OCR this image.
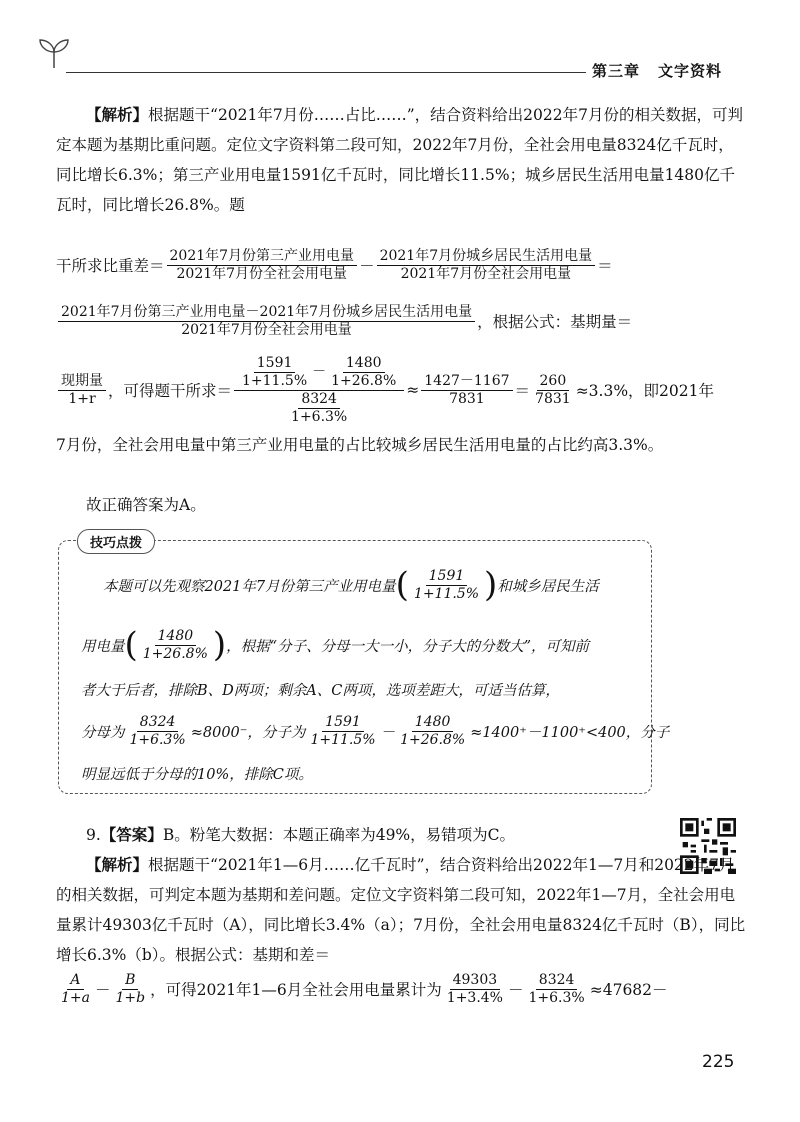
第三章 文字资料
【解析】根据题干“2021年7月份……占比……”，结合资料给出2022年7月份的相关数据，可判定本题为基期比重问题。定位文字资料第二段可知，2022年7月份，全社会用电量8324亿千瓦时，同比增长6.3%；第三产业用电量1591亿千瓦时，同比增长11.5%；城乡居民生活用电量1480亿千瓦时，同比增长26.8%。题
干所求比重差＝ $\frac{\text{2021年7月份第三产业用电量}}{\text{2021年7月份全社会用电量}} - \frac{\text{2021年7月份城乡居民生活用电量}}{\text{2021年7月份全社会用电量}}$ ＝
$\frac{\text{2021年7月份第三产业用电量－2021年7月份城乡居民生活用电量}}{\text{2021年7月份全社会用电量}}$ ，根据公式：基期量＝
$\frac{\text{现期量}}{1+r}$ ，可得题干所求＝
$\frac{1591}{1+11.5\%} - \frac{1480}{1+26.8\%}$
$\frac{8324}{1+6.3\%}$
≈ $\frac{1427-1167}{7831} = \frac{260}{7831} \approx 3.3\%$，即2021年
7月份，全社会用电量中第三产业用电量的占比较城乡居民生活用电量的占比约高3.3%。
故正确答案为A。
技巧点拨
本题可以先观察2021年7月份第三产业用电量 ( $\frac{1591}{1+11.5\%}$ ) 和城乡居民生活
用电量 ( $\frac{1480}{1+26.8\%}$ ) ，根据“分子、分母一大一小，分子大的分数大”，可知前
者大于后者，排除B、D两项；剩余A、C两项，选项差距大，可适当估算，
分母为 $\frac{8324}{1+6.3\%} \approx 8000^-$，分子为 $\frac{1591}{1+11.5\%} - \frac{1480}{1+26.8\%} \approx 1400^+-1100^+<400$，分子
明显远低于分母的10%，排除C项。
9.【答案】B。粉笔大数据：本题正确率为49%，易错项为C。
【解析】根据题干“2021年1—6月……亿千瓦时”，结合资料给出2022年1—7月和2022年7月的相关数据，可判定本题为基期和差问题。定位文字资料第二段可知，2022年1—7月，全社会用电量累计49303亿千瓦时（A），同比增长3.4%（a）；7月份，全社会用电量8324亿千瓦时（B），同比增长6.3%（b）。根据公式：基期和差＝
$\frac{A}{1+a} - \frac{B}{1+b}$ ，可得2021年1—6月全社会用电量累计为 $\frac{49303}{1+3.4\%} - \frac{8324}{1+6.3\%} \approx 47682-$
225
